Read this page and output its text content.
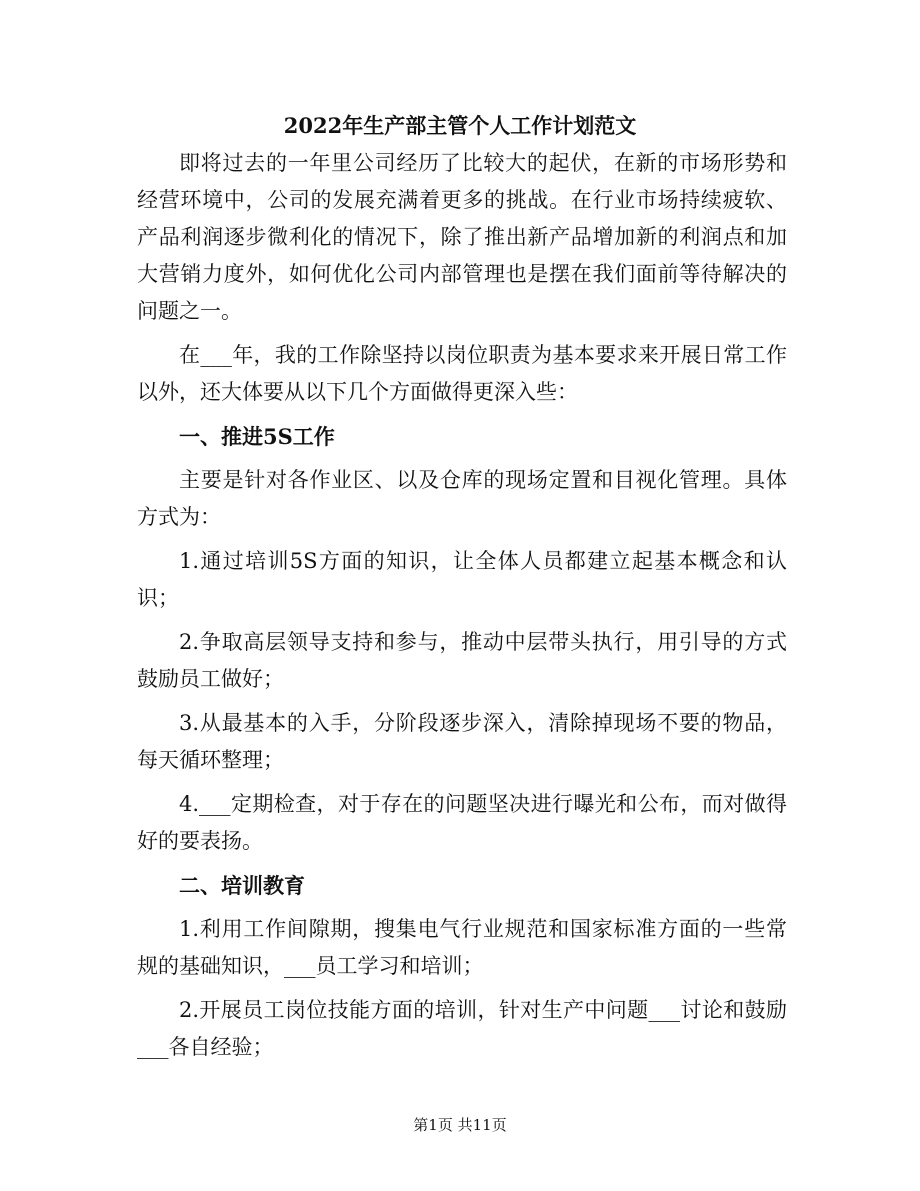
2022年生产部主管个人工作计划范文

即将过去的一年里公司经历了比较大的起伏，在新的市场形势和经营环境中，公司的发展充满着更多的挑战。在行业市场持续疲软、产品利润逐步微利化的情况下，除了推出新产品增加新的利润点和加大营销力度外，如何优化公司内部管理也是摆在我们面前等待解决的问题之一。

在___年，我的工作除坚持以岗位职责为基本要求来开展日常工作以外，还大体要从以下几个方面做得更深入些：

一、推进5S工作

主要是针对各作业区、以及仓库的现场定置和目视化管理。具体方式为：

1.通过培训5S方面的知识，让全体人员都建立起基本概念和认识；

2.争取高层领导支持和参与，推动中层带头执行，用引导的方式鼓励员工做好；

3.从最基本的入手，分阶段逐步深入，清除掉现场不要的物品，每天循环整理；

4.___定期检查，对于存在的问题坚决进行曝光和公布，而对做得好的要表扬。

二、培训教育

1.利用工作间隙期，搜集电气行业规范和国家标准方面的一些常规的基础知识，___员工学习和培训；

2.开展员工岗位技能方面的培训，针对生产中问题___讨论和鼓励___各自经验；

第1页 共11页
